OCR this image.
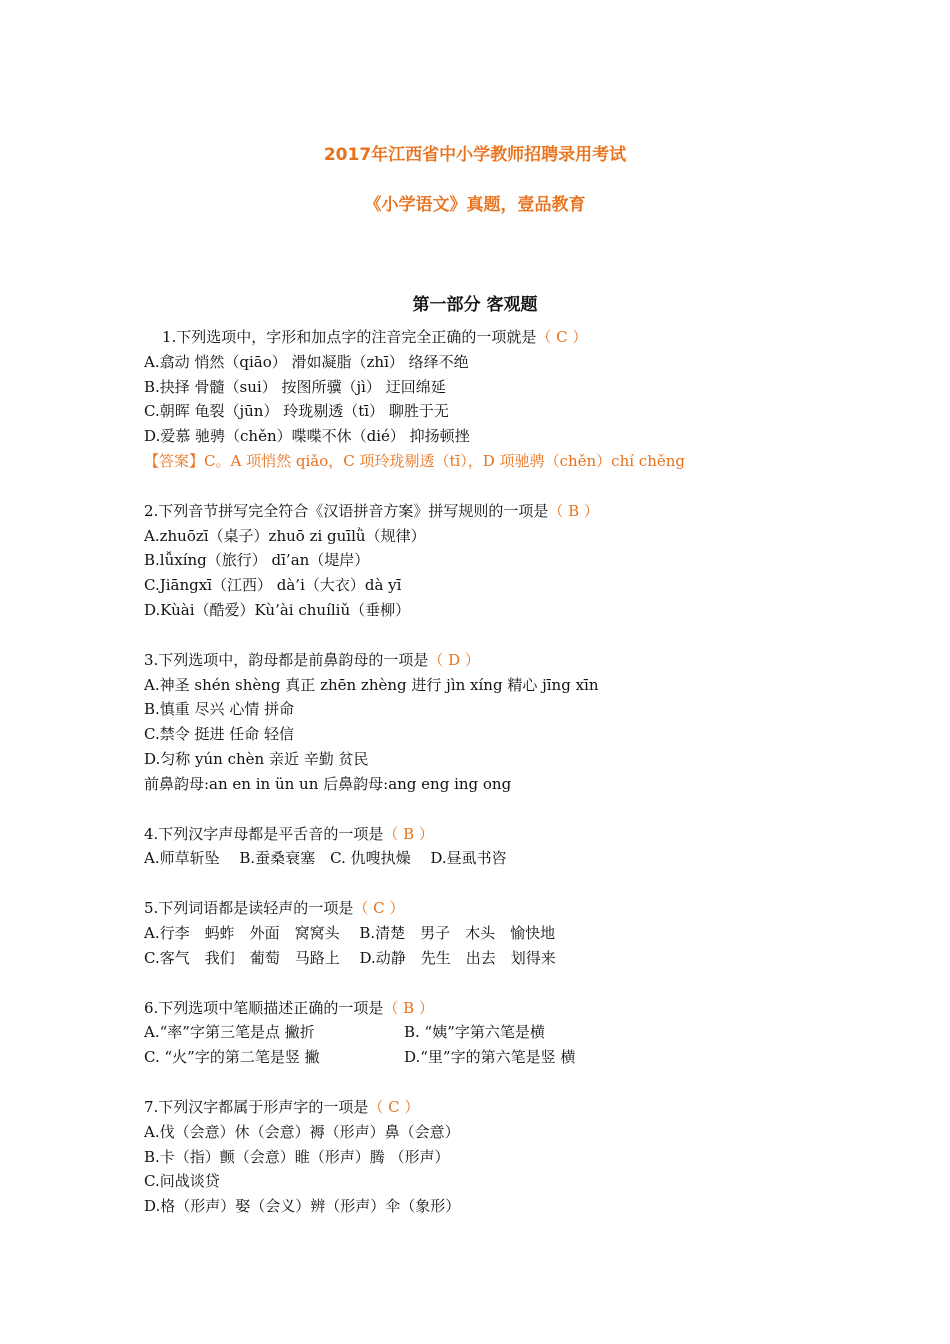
2017年江西省中小学教师招聘录用考试
《小学语文》真题，壹品教育
第一部分 客观题
1.下列选项中，字形和加点字的注音完全正确的一项就是（ C ）
A.翕动 悄然（qiāo） 滑如凝脂（zhī） 络绎不绝
B.抉择 骨髓（sui） 按图所骥（jì） 迂回绵延
C.朝晖 龟裂（jūn） 玲珑剔透（tī） 聊胜于无
D.爱慕 驰骋（chěn）喋喋不休（dié） 抑扬顿挫
【答案】C。A 项悄然 qiǎo，C 项玲珑剔透（tī），D 项驰骋（chěn）chí chěng
2.下列音节拼写完全符合《汉语拼音方案》拼写规则的一项是（ B ）
A.zhuōzī（桌子）zhuō zi guīlǜ（规律）
B.lǚxíng（旅行） dī’an（堤岸）
C.Jiāngxī（江西） dà’i（大衣）dà yī
D.Kùài（酷爱）Kù’ài chuíliǔ（垂柳）
3.下列选项中，韵母都是前鼻韵母的一项是（ D ）
A.神圣 shén shèng 真正 zhēn zhèng 进行 jìn xíng 精心 jīng xīn
B.慎重 尽兴 心情 拼命
C.禁令 挺进 任命 轻信
D.匀称 yún chèn 亲近 辛勤 贫民
前鼻韵母:an en in ün un 后鼻韵母:ang eng ing ong
4.下列汉字声母都是平舌音的一项是（ B ）
A.师草斩坠　 B.蚕桑衰塞　C. 仇嗖执燥　 D.昼虱书咨
5.下列词语都是读轻声的一项是（ C ）
A.行李　蚂蚱　外面　窝窝头　 B.清楚　男子　木头　愉快地
C.客气　我们　葡萄　马路上　 D.动静　先生　出去　划得来
6.下列选项中笔顺描述正确的一项是（ B ）
A.“率”字第三笔是点 撇折	B. “姨”字第六笔是横
C. “火”字的第二笔是竖 撇	D.“里”字的第六笔是竖 横
7.下列汉字都属于形声字的一项是（ C ）
A.伐（会意）休（会意）褥（形声）鼻（会意）
B.卡（指）颤（会意）睢（形声）腾 （形声）
C.问战谈贷
D.格（形声）娶（会义）辨（形声）伞（象形）
